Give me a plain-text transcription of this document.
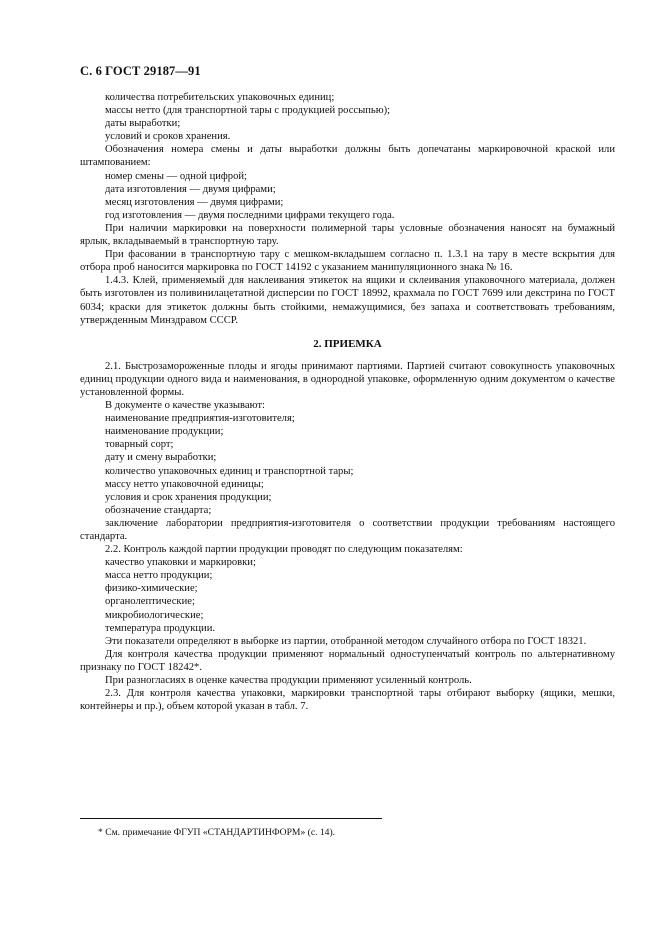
С. 6 ГОСТ 29187—91

количества потребительских упаковочных единиц;

массы нетто (для транспортной тары с продукцией россыпью);

даты выработки;

условий и сроков хранения.

Обозначения номера смены и даты выработки должны быть допечатаны маркировочной краской или штампованием:

номер смены — одной цифрой;

дата изготовления — двумя цифрами;

месяц изготовления — двумя цифрами;

год изготовления — двумя последними цифрами текущего года.

При наличии маркировки на поверхности полимерной тары условные обозначения наносят на бумажный ярлык, вкладываемый в транспортную тару.

При фасовании в транспортную тару с мешком-вкладышем согласно п. 1.3.1 на тару в месте вскрытия для отбора проб наносится маркировка по ГОСТ 14192 с указанием манипуляционного знака № 16.

1.4.3. Клей, применяемый для наклеивания этикеток на ящики и склеивания упаковочного материала, должен быть изготовлен из поливинилацетатной дисперсии по ГОСТ 18992, крахмала по ГОСТ 7699 или декстрина по ГОСТ 6034; краски для этикеток должны быть стойкими, немажущимися, без запаха и соответствовать требованиям, утвержденным Минздравом СССР.

2. ПРИЕМКА

2.1. Быстрозамороженные плоды и ягоды принимают партиями. Партией считают совокупность упаковочных единиц продукции одного вида и наименования, в однородной упаковке, оформленную одним документом о качестве установленной формы.

В документе о качестве указывают:

наименование предприятия-изготовителя;

наименование продукции;

товарный сорт;

дату и смену выработки;

количество упаковочных единиц и транспортной тары;

массу нетто упаковочной единицы;

условия и срок хранения продукции;

обозначение стандарта;

заключение лаборатории предприятия-изготовителя о соответствии продукции требованиям настоящего стандарта.

2.2. Контроль каждой партии продукции проводят по следующим показателям:

качество упаковки и маркировки;

масса нетто продукции;

физико-химические;

органолептические;

микробиологические;

температура продукции.

Эти показатели определяют в выборке из партии, отобранной методом случайного отбора по ГОСТ 18321.

Для контроля качества продукции применяют нормальный одноступенчатый контроль по альтернативному признаку по ГОСТ 18242*.

При разногласиях в оценке качества продукции применяют усиленный контроль.

2.3. Для контроля качества упаковки, маркировки транспортной тары отбирают выборку (ящики, мешки, контейнеры и пр.), объем которой указан в табл. 7.

* См. примечание ФГУП «СТАНДАРТИНФОРМ» (с. 14).
